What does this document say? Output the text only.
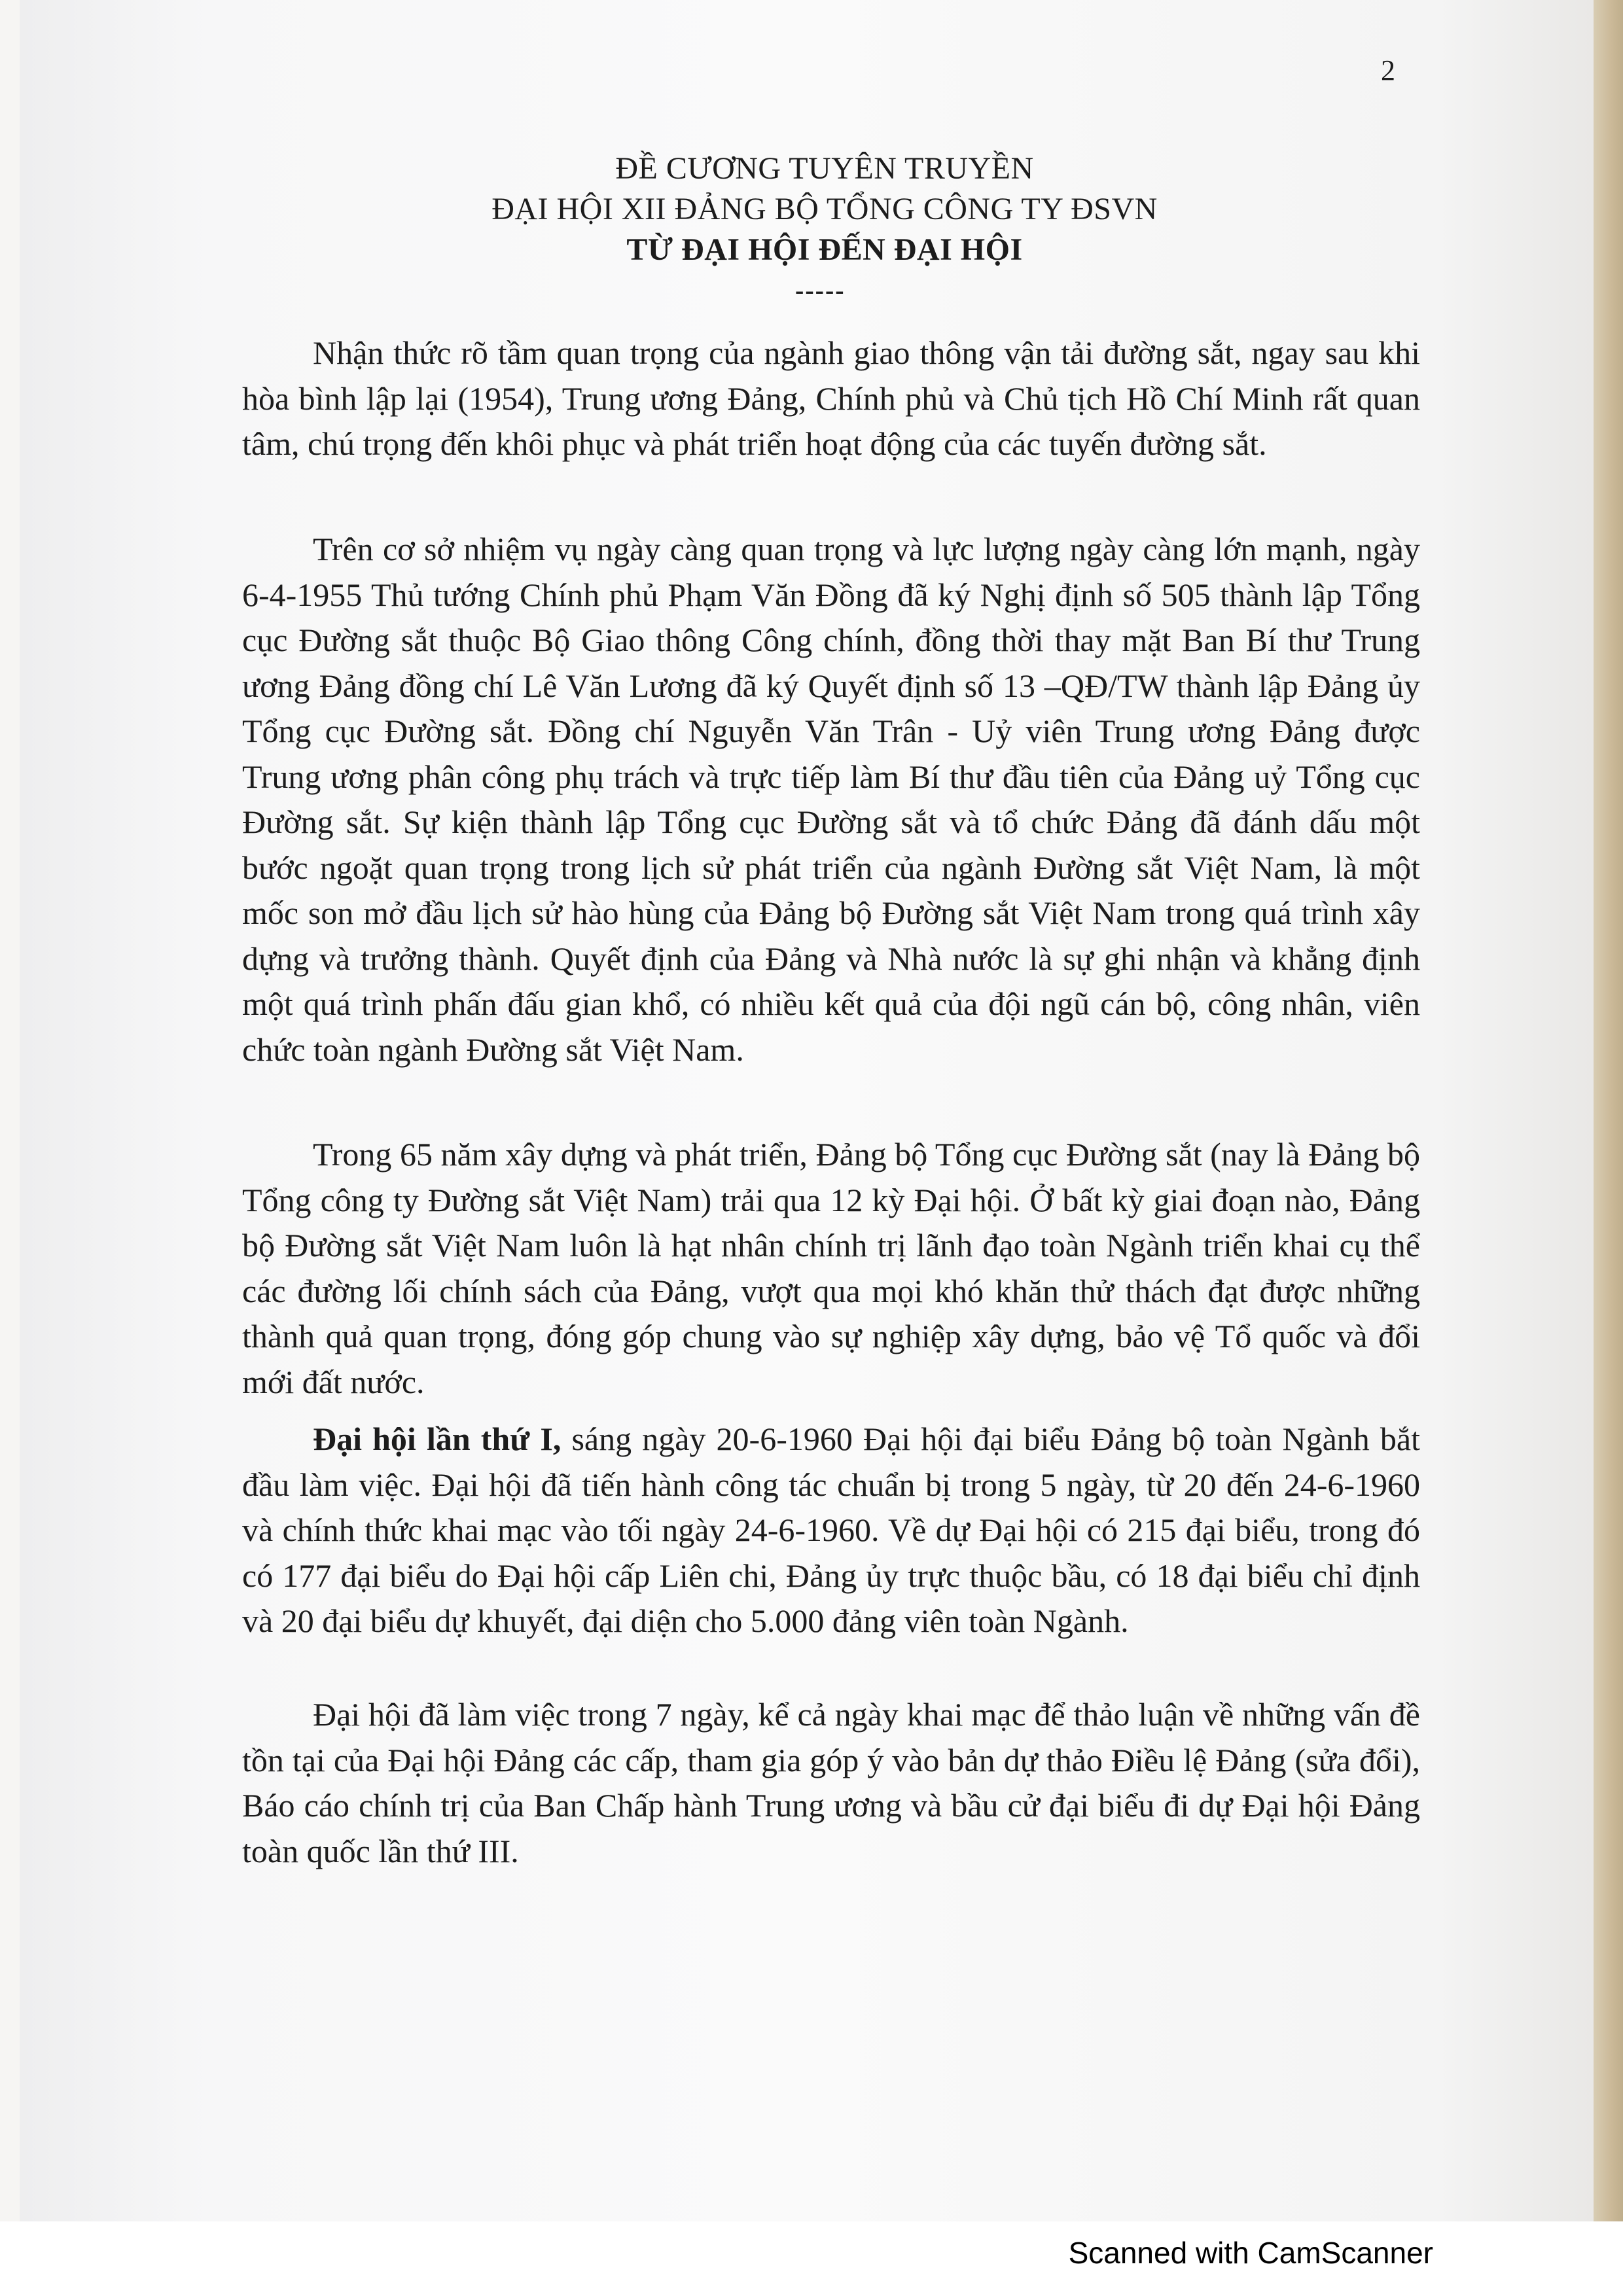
2
ĐỀ CƯƠNG TUYÊN TRUYỀN
ĐẠI HỘI XII ĐẢNG BỘ TỔNG CÔNG TY ĐSVN
TỪ ĐẠI HỘI ĐẾN ĐẠI HỘI
-----

Nhận thức rõ tầm quan trọng của ngành giao thông vận tải đường sắt, ngay sau khi hòa bình lập lại (1954), Trung ương Đảng, Chính phủ và Chủ tịch Hồ Chí Minh rất quan tâm, chú trọng đến khôi phục và phát triển hoạt động của các tuyến đường sắt.

Trên cơ sở nhiệm vụ ngày càng quan trọng và lực lượng ngày càng lớn mạnh, ngày 6-4-1955 Thủ tướng Chính phủ Phạm Văn Đồng đã ký Nghị định số 505 thành lập Tổng cục Đường sắt thuộc Bộ Giao thông Công chính, đồng thời thay mặt Ban Bí thư Trung ương Đảng đồng chí Lê Văn Lương đã ký Quyết định số 13 –QĐ/TW thành lập Đảng ủy Tổng cục Đường sắt. Đồng chí Nguyễn Văn Trân - Uỷ viên Trung ương Đảng được Trung ương phân công phụ trách và trực tiếp làm Bí thư đầu tiên của Đảng uỷ Tổng cục Đường sắt. Sự kiện thành lập Tổng cục Đường sắt và tổ chức Đảng đã đánh dấu một bước ngoặt quan trọng trong lịch sử phát triển của ngành Đường sắt Việt Nam, là một mốc son mở đầu lịch sử hào hùng của Đảng bộ Đường sắt Việt Nam trong quá trình xây dựng và trưởng thành. Quyết định của Đảng và Nhà nước là sự ghi nhận và khẳng định một quá trình phấn đấu gian khổ, có nhiều kết quả của đội ngũ cán bộ, công nhân, viên chức toàn ngành Đường sắt Việt Nam.

Trong 65 năm xây dựng và phát triển, Đảng bộ Tổng cục Đường sắt (nay là Đảng bộ Tổng công ty Đường sắt Việt Nam) trải qua 12 kỳ Đại hội. Ở bất kỳ giai đoạn nào, Đảng bộ Đường sắt Việt Nam luôn là hạt nhân chính trị lãnh đạo toàn Ngành triển khai cụ thể các đường lối chính sách của Đảng, vượt qua mọi khó khăn thử thách đạt được những thành quả quan trọng, đóng góp chung vào sự nghiệp xây dựng, bảo vệ Tổ quốc và đổi mới đất nước.

Đại hội lần thứ I, sáng ngày 20-6-1960 Đại hội đại biểu Đảng bộ toàn Ngành bắt đầu làm việc. Đại hội đã tiến hành công tác chuẩn bị trong 5 ngày, từ 20 đến 24-6-1960 và chính thức khai mạc vào tối ngày 24-6-1960. Về dự Đại hội có 215 đại biểu, trong đó có 177 đại biểu do Đại hội cấp Liên chi, Đảng ủy trực thuộc bầu, có 18 đại biểu chỉ định và 20 đại biểu dự khuyết, đại diện cho 5.000 đảng viên toàn Ngành.

Đại hội đã làm việc trong 7 ngày, kể cả ngày khai mạc để thảo luận về những vấn đề tồn tại của Đại hội Đảng các cấp, tham gia góp ý vào bản dự thảo Điều lệ Đảng (sửa đổi), Báo cáo chính trị của Ban Chấp hành Trung ương và bầu cử đại biểu đi dự Đại hội Đảng toàn quốc lần thứ III.

Scanned with CamScanner
